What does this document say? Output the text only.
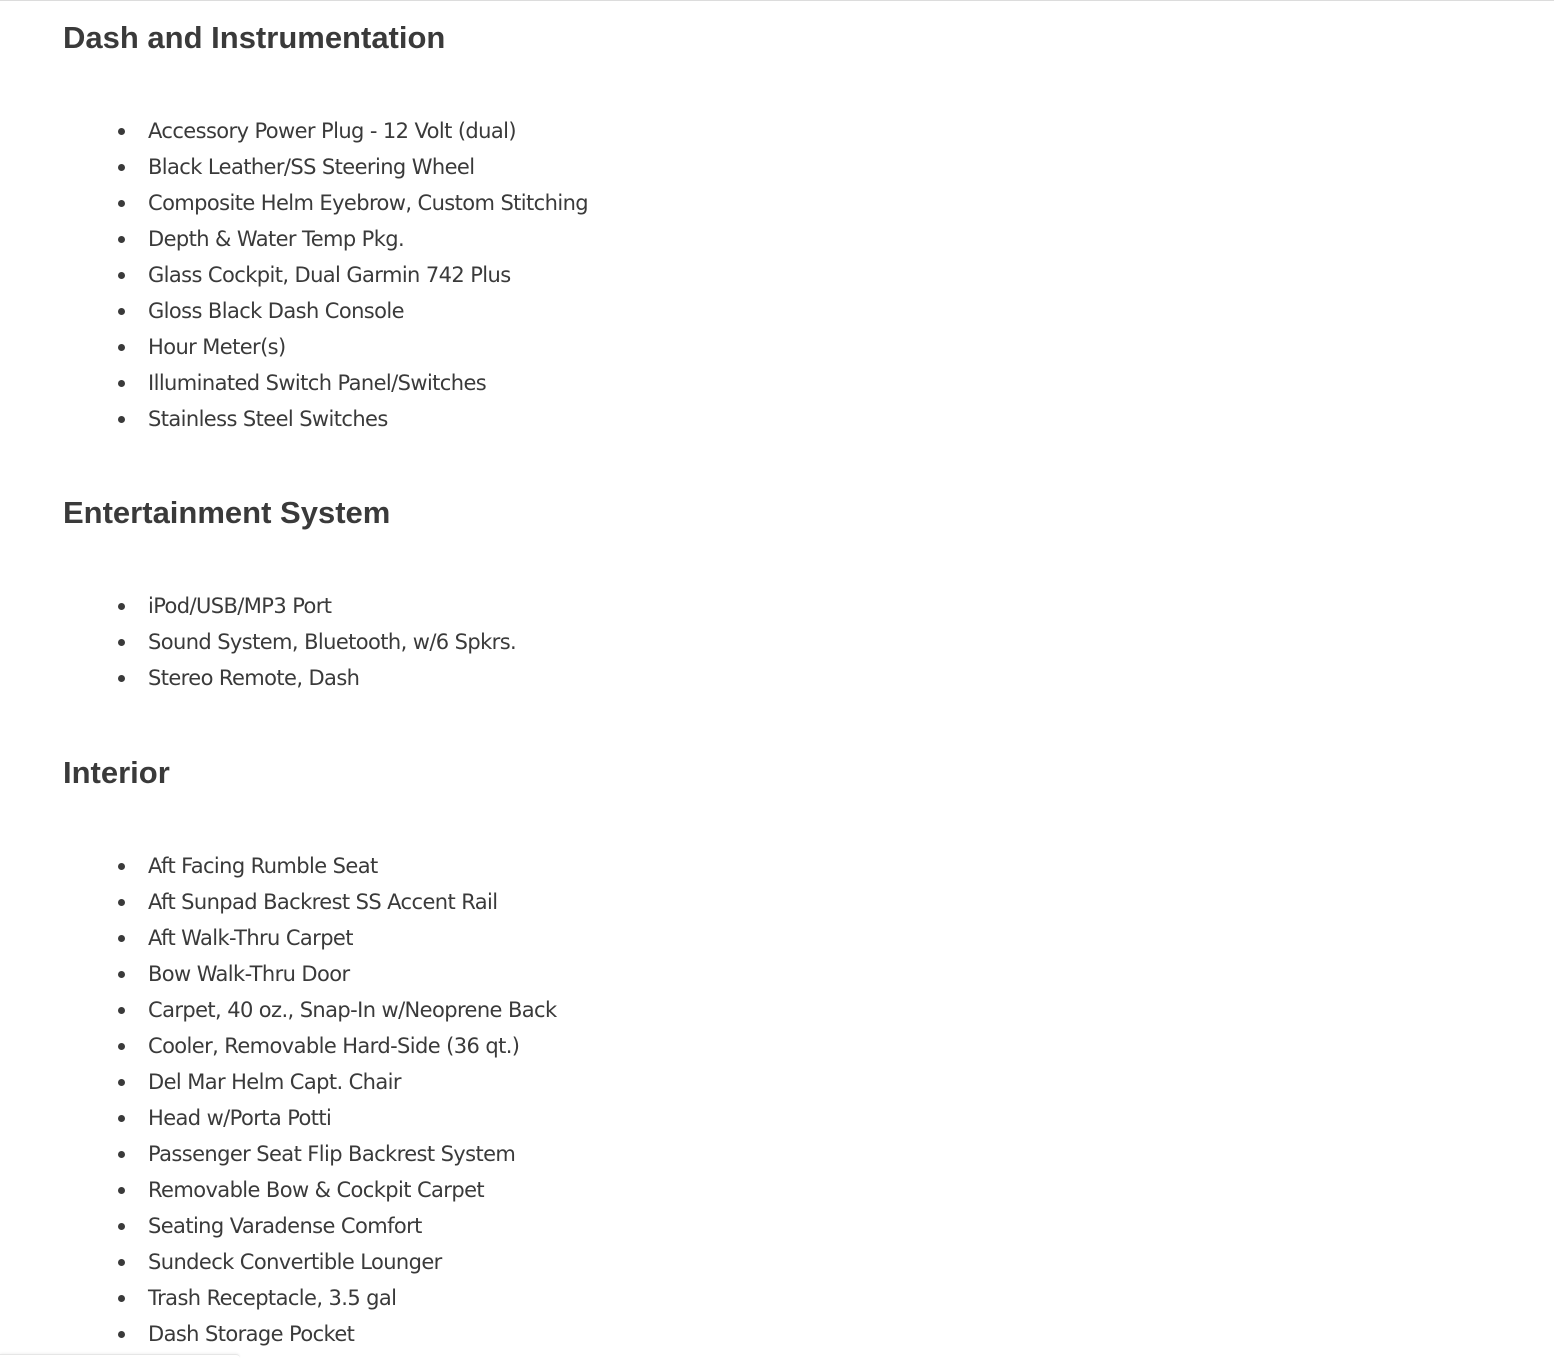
Dash and Instrumentation
Accessory Power Plug - 12 Volt (dual)
Black Leather/SS Steering Wheel
Composite Helm Eyebrow, Custom Stitching
Depth & Water Temp Pkg.
Glass Cockpit, Dual Garmin 742 Plus
Gloss Black Dash Console
Hour Meter(s)
Illuminated Switch Panel/Switches
Stainless Steel Switches
Entertainment System
iPod/USB/MP3 Port
Sound System, Bluetooth, w/6 Spkrs.
Stereo Remote, Dash
Interior
Aft Facing Rumble Seat
Aft Sunpad Backrest SS Accent Rail
Aft Walk-Thru Carpet
Bow Walk-Thru Door
Carpet, 40 oz., Snap-In w/Neoprene Back
Cooler, Removable Hard-Side (36 qt.)
Del Mar Helm Capt. Chair
Head w/Porta Potti
Passenger Seat Flip Backrest System
Removable Bow & Cockpit Carpet
Seating Varadense Comfort
Sundeck Convertible Lounger
Trash Receptacle, 3.5 gal
Dash Storage Pocket
